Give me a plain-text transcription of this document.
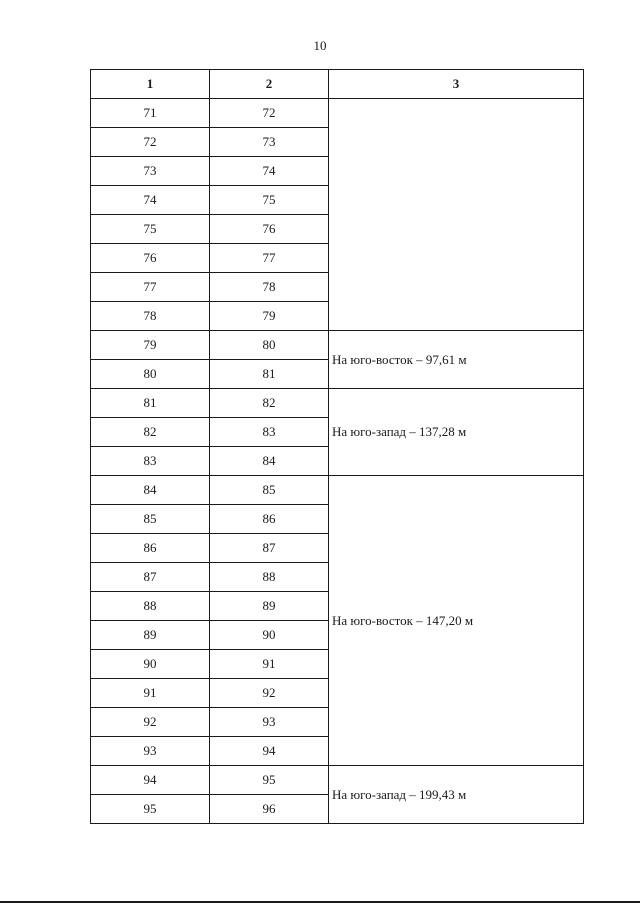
10
1	2	3
71	72	
72	73	
73	74	
74	75	
75	76	
76	77	
77	78	
78	79	
79	80	На юго-восток – 97,61 м
80	81	
81	82	На юго-запад – 137,28 м
82	83	
83	84	
84	85	На юго-восток – 147,20 м
85	86	
86	87	
87	88	
88	89	
89	90	
90	91	
91	92	
92	93	
93	94	
94	95	На юго-запад – 199,43 м
95	96	
